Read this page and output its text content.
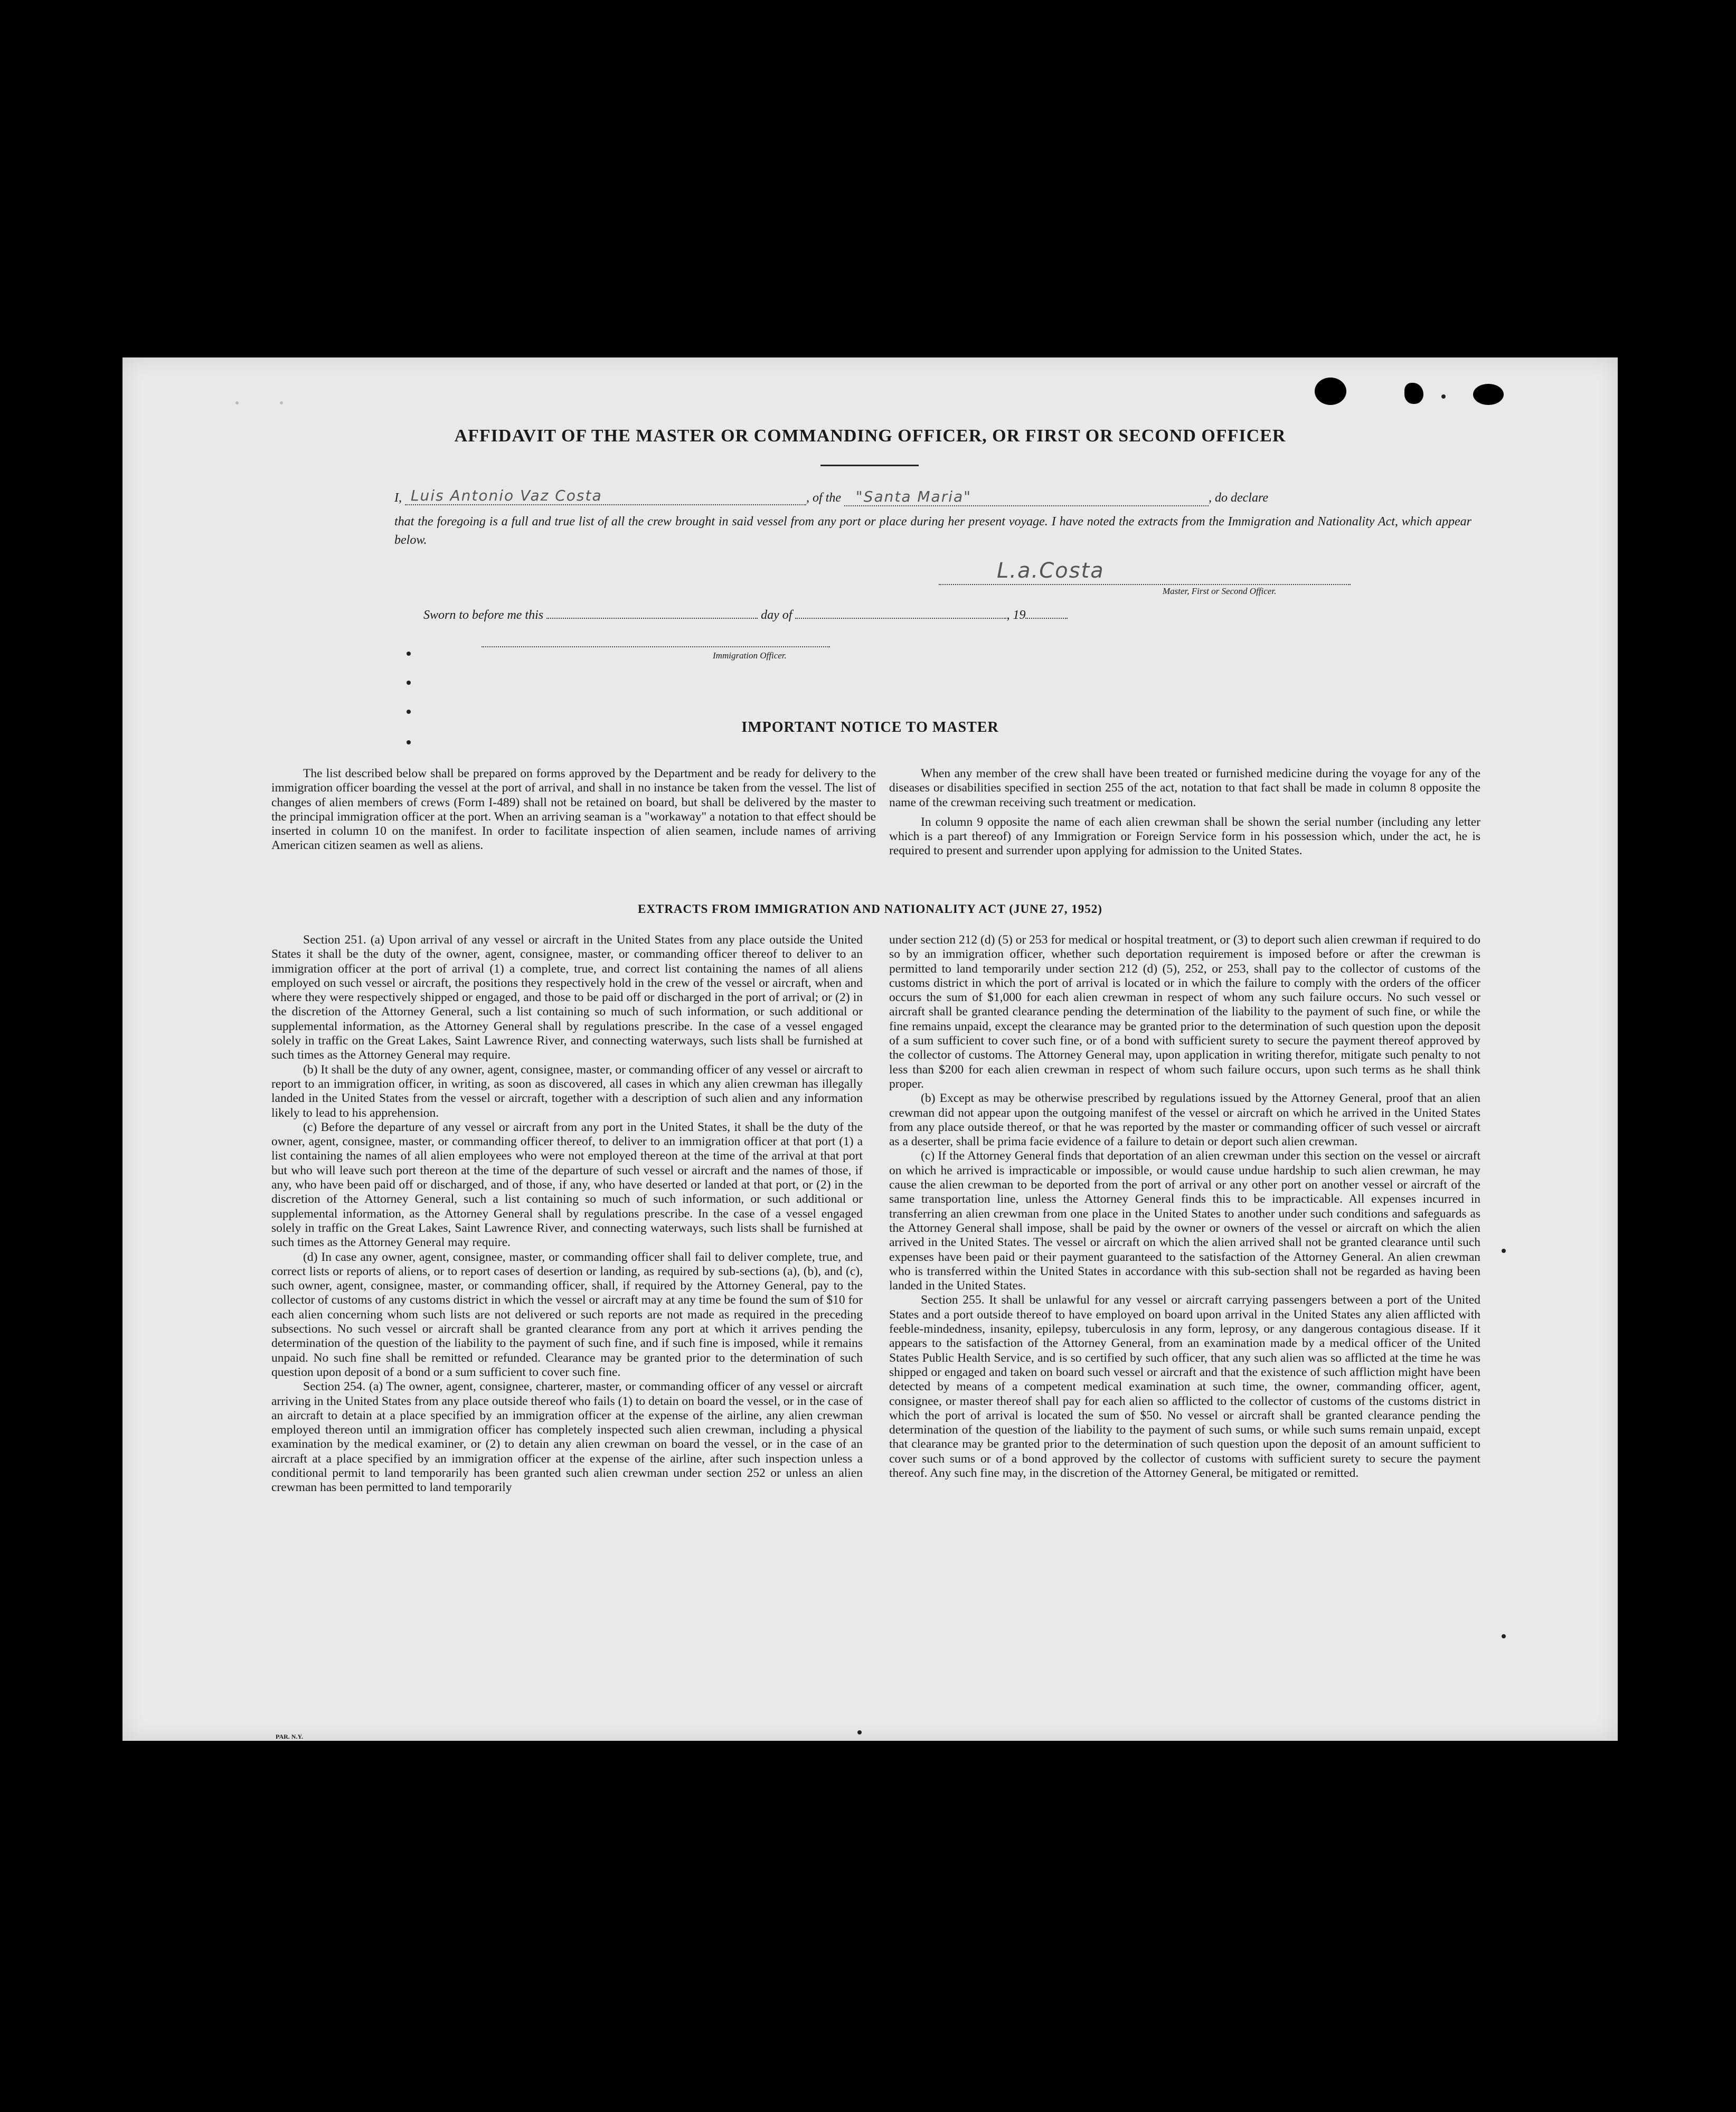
AFFIDAVIT OF THE MASTER OR COMMANDING OFFICER, OR FIRST OR SECOND OFFICER
I,  Luis Antonio Vaz Costa	, of the   "Santa Maria"	, do declare
that the foregoing is a full and true list of all the crew brought in said vessel from any port or place during her present voyage. I have noted the extracts from the Immigration and Nationality Act, which appear below.
L.a.Costa
Master, First or Second Officer.
Sworn to before me this	day of	, 19
Immigration Officer.
IMPORTANT NOTICE TO MASTER

The list described below shall be prepared on forms approved by the Department and be ready for delivery to the immigration officer boarding the vessel at the port of arrival, and shall in no instance be taken from the vessel. The list of changes of alien members of crews (Form I-489) shall not be retained on board, but shall be delivered by the master to the principal immigration officer at the port. When an arriving seaman is a "workaway" a notation to that effect should be inserted in column 10 on the manifest. In order to facilitate inspection of alien seamen, include names of arriving American citizen seamen as well as aliens.

When any member of the crew shall have been treated or furnished medicine during the voyage for any of the diseases or disabilities specified in section 255 of the act, notation to that fact shall be made in column 8 opposite the name of the crewman receiving such treatment or medication.

In column 9 opposite the name of each alien crewman shall be shown the serial number (including any letter which is a part thereof) of any Immigration or Foreign Service form in his possession which, under the act, he is required to present and surrender upon applying for admission to the United States.

EXTRACTS FROM IMMIGRATION AND NATIONALITY ACT (JUNE 27, 1952)

Section 251. (a) Upon arrival of any vessel or aircraft in the United States from any place outside the United States it shall be the duty of the owner, agent, consignee, master, or commanding officer thereof to deliver to an immigration officer at the port of arrival (1) a complete, true, and correct list containing the names of all aliens employed on such vessel or aircraft, the positions they respectively hold in the crew of the vessel or aircraft, when and where they were respectively shipped or engaged, and those to be paid off or discharged in the port of arrival; or (2) in the discretion of the Attorney General, such a list containing so much of such information, or such additional or supplemental information, as the Attorney General shall by regulations prescribe. In the case of a vessel engaged solely in traffic on the Great Lakes, Saint Lawrence River, and connecting waterways, such lists shall be furnished at such times as the Attorney General may require.

(b) It shall be the duty of any owner, agent, consignee, master, or commanding officer of any vessel or aircraft to report to an immigration officer, in writing, as soon as discovered, all cases in which any alien crewman has illegally landed in the United States from the vessel or aircraft, together with a description of such alien and any information likely to lead to his apprehension.

(c) Before the departure of any vessel or aircraft from any port in the United States, it shall be the duty of the owner, agent, consignee, master, or commanding officer thereof, to deliver to an immigration officer at that port (1) a list containing the names of all alien employees who were not employed thereon at the time of the arrival at that port but who will leave such port thereon at the time of the departure of such vessel or aircraft and the names of those, if any, who have been paid off or discharged, and of those, if any, who have deserted or landed at that port, or (2) in the discretion of the Attorney General, such a list containing so much of such information, or such additional or supplemental information, as the Attorney General shall by regulations prescribe. In the case of a vessel engaged solely in traffic on the Great Lakes, Saint Lawrence River, and connecting waterways, such lists shall be furnished at such times as the Attorney General may require.

(d) In case any owner, agent, consignee, master, or commanding officer shall fail to deliver complete, true, and correct lists or reports of aliens, or to report cases of desertion or landing, as required by sub-sections (a), (b), and (c), such owner, agent, consignee, master, or commanding officer, shall, if required by the Attorney General, pay to the collector of customs of any customs district in which the vessel or aircraft may at any time be found the sum of $10 for each alien concerning whom such lists are not delivered or such reports are not made as required in the preceding subsections. No such vessel or aircraft shall be granted clearance from any port at which it arrives pending the determination of the question of the liability to the payment of such fine, and if such fine is imposed, while it remains unpaid. No such fine shall be remitted or refunded. Clearance may be granted prior to the determination of such question upon deposit of a bond or a sum sufficient to cover such fine.

Section 254. (a) The owner, agent, consignee, charterer, master, or commanding officer of any vessel or aircraft arriving in the United States from any place outside thereof who fails (1) to detain on board the vessel, or in the case of an aircraft to detain at a place specified by an immigration officer at the expense of the airline, any alien crewman employed thereon until an immigration officer has completely inspected such alien crewman, including a physical examination by the medical examiner, or (2) to detain any alien crewman on board the vessel, or in the case of an aircraft at a place specified by an immigration officer at the expense of the airline, after such inspection unless a conditional permit to land temporarily has been granted such alien crewman under section 252 or unless an alien crewman has been permitted to land temporarily

under section 212 (d) (5) or 253 for medical or hospital treatment, or (3) to deport such alien crewman if required to do so by an immigration officer, whether such deportation requirement is imposed before or after the crewman is permitted to land temporarily under section 212 (d) (5), 252, or 253, shall pay to the collector of customs of the customs district in which the port of arrival is located or in which the failure to comply with the orders of the officer occurs the sum of $1,000 for each alien crewman in respect of whom any such failure occurs. No such vessel or aircraft shall be granted clearance pending the determination of the liability to the payment of such fine, or while the fine remains unpaid, except the clearance may be granted prior to the determination of such question upon the deposit of a sum sufficient to cover such fine, or of a bond with sufficient surety to secure the payment thereof approved by the collector of customs. The Attorney General may, upon application in writing therefor, mitigate such penalty to not less than $200 for each alien crewman in respect of whom such failure occurs, upon such terms as he shall think proper.

(b) Except as may be otherwise prescribed by regulations issued by the Attorney General, proof that an alien crewman did not appear upon the outgoing manifest of the vessel or aircraft on which he arrived in the United States from any place outside thereof, or that he was reported by the master or commanding officer of such vessel or aircraft as a deserter, shall be prima facie evidence of a failure to detain or deport such alien crewman.

(c) If the Attorney General finds that deportation of an alien crewman under this section on the vessel or aircraft on which he arrived is impracticable or impossible, or would cause undue hardship to such alien crewman, he may cause the alien crewman to be deported from the port of arrival or any other port on another vessel or aircraft of the same transportation line, unless the Attorney General finds this to be impracticable. All expenses incurred in transferring an alien crewman from one place in the United States to another under such conditions and safeguards as the Attorney General shall impose, shall be paid by the owner or owners of the vessel or aircraft on which the alien arrived in the United States. The vessel or aircraft on which the alien arrived shall not be granted clearance until such expenses have been paid or their payment guaranteed to the satisfaction of the Attorney General. An alien crewman who is transferred within the United States in accordance with this sub-section shall not be regarded as having been landed in the United States.

Section 255. It shall be unlawful for any vessel or aircraft carrying passengers between a port of the United States and a port outside thereof to have employed on board upon arrival in the United States any alien afflicted with feeble-mindedness, insanity, epilepsy, tuberculosis in any form, leprosy, or any dangerous contagious disease. If it appears to the satisfaction of the Attorney General, from an examination made by a medical officer of the United States Public Health Service, and is so certified by such officer, that any such alien was so afflicted at the time he was shipped or engaged and taken on board such vessel or aircraft and that the existence of such affliction might have been detected by means of a competent medical examination at such time, the owner, commanding officer, agent, consignee, or master thereof shall pay for each alien so afflicted to the collector of customs of the customs district in which the port of arrival is located the sum of $50. No vessel or aircraft shall be granted clearance pending the determination of the question of the liability to the payment of such sums, or while such sums remain unpaid, except that clearance may be granted prior to the determination of such question upon the deposit of an amount sufficient to cover such sums or of a bond approved by the collector of customs with sufficient surety to secure the payment thereof. Any such fine may, in the discretion of the Attorney General, be mitigated or remitted.

PAR. N.Y.
